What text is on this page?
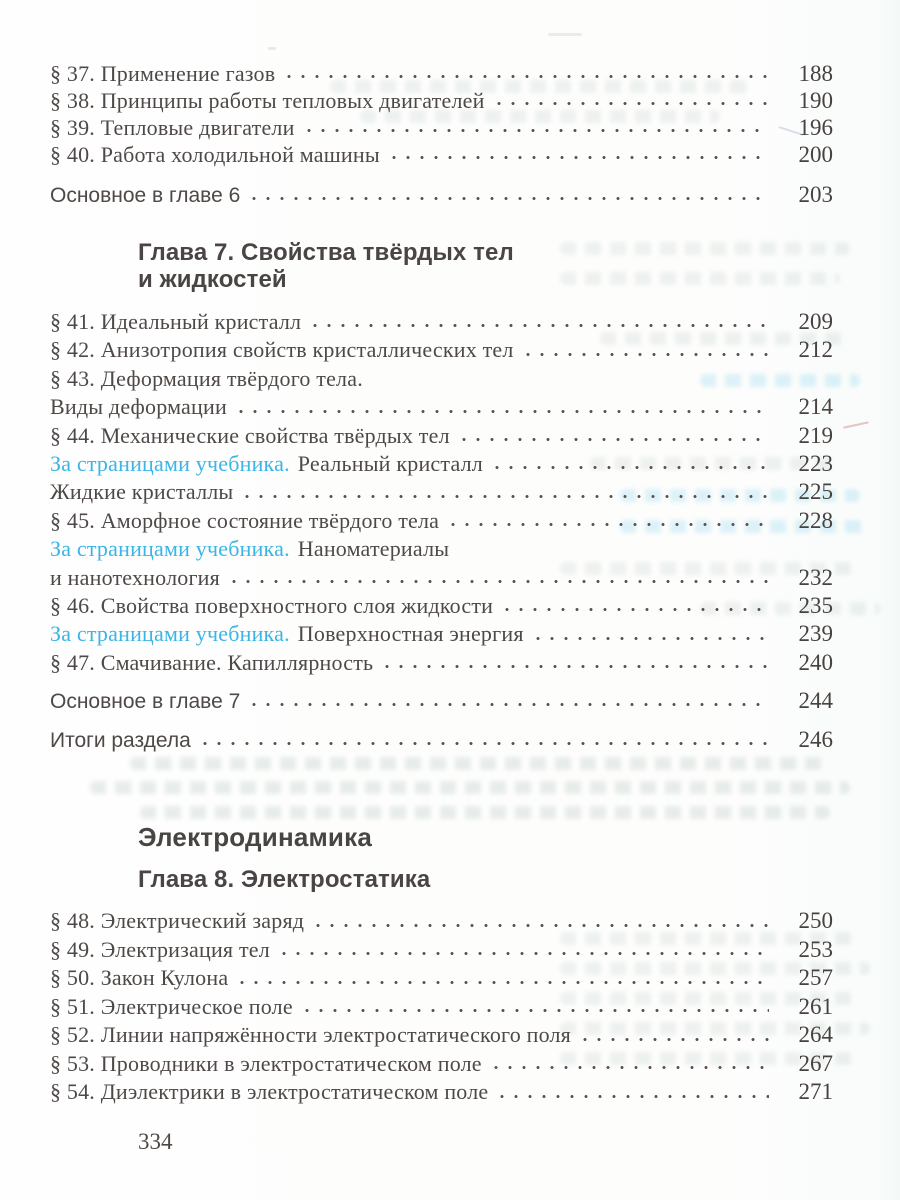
§ 37. Применение газов	188
§ 38. Принципы работы тепловых двигателей	190
§ 39. Тепловые двигатели	196
§ 40. Работа холодильной машины	200
Основное в главе 6	203
Глава 7. Свойства твёрдых тел
и жидкостей
§ 41. Идеальный кристалл	209
§ 42. Анизотропия свойств кристаллических тел	212
§ 43. Деформация твёрдого тела.
Виды деформации	214
§ 44. Механические свойства твёрдых тел	219
За страницами учебника. Реальный кристалл	223
Жидкие кристаллы	225
§ 45. Аморфное состояние твёрдого тела	228
За страницами учебника. Наноматериалы
и нанотехнология	232
§ 46. Свойства поверхностного слоя жидкости	235
За страницами учебника. Поверхностная энергия	239
§ 47. Смачивание. Капиллярность	240
Основное в главе 7	244
Итоги раздела	246
Электродинамика
Глава 8. Электростатика
§ 48. Электрический заряд	250
§ 49. Электризация тел	253
§ 50. Закон Кулона	257
§ 51. Электрическое поле	261
§ 52. Линии напряжённости электростатического поля	264
§ 53. Проводники в электростатическом поле	267
§ 54. Диэлектрики в электростатическом поле	271
334
